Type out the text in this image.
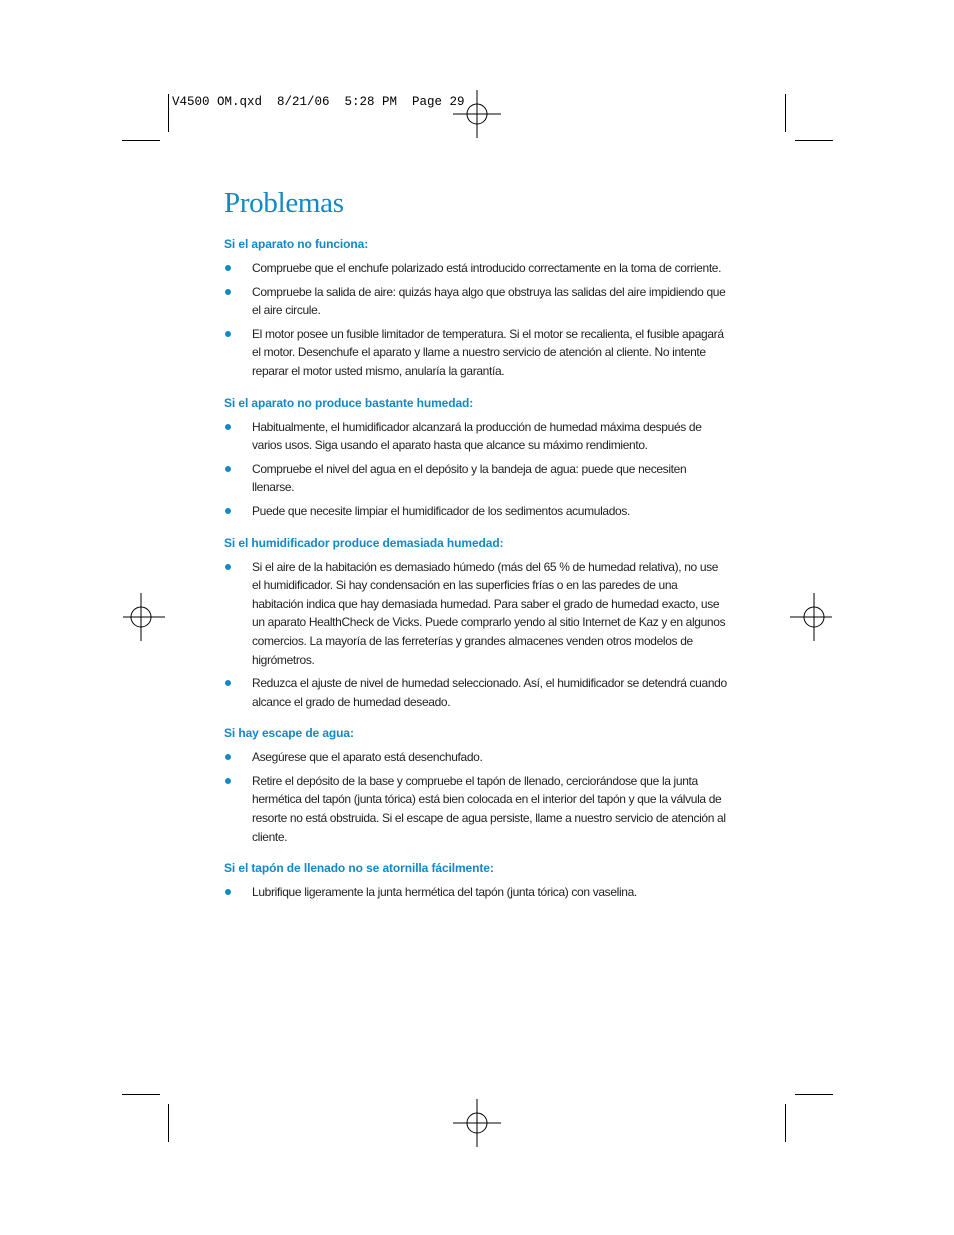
V4500 OM.qxd  8/21/06  5:28 PM  Page 29
Problemas
Si el aparato no funciona:
Compruebe que el enchufe polarizado está introducido correctamente en la toma de corriente.
Compruebe la salida de aire: quizás haya algo que obstruya las salidas del aire impidiendo que el aire circule.
El motor posee un fusible limitador de temperatura. Si el motor se recalienta, el fusible apagará el motor. Desenchufe el aparato y llame a nuestro servicio de atención al cliente. No intente reparar el motor usted mismo, anularía la garantía.
Si el aparato no produce bastante humedad:
Habitualmente, el humidificador alcanzará la producción de humedad máxima después de varios usos. Siga usando el aparato hasta que alcance su máximo rendimiento.
Compruebe el nivel del agua en el depósito y la bandeja de agua: puede que necesiten llenarse.
Puede que necesite limpiar el humidificador de los sedimentos acumulados.
Si el humidificador produce demasiada humedad:
Si el aire de la habitación es demasiado húmedo (más del 65 % de humedad relativa), no use el humidificador. Si hay condensación en las superficies frías o en las paredes de una habitación indica que hay demasiada humedad. Para saber el grado de humedad exacto, use un aparato HealthCheck de Vicks. Puede comprarlo yendo al sitio Internet de Kaz y en algunos comercios. La mayoría de las ferreterías y grandes almacenes venden otros modelos de higrómetros.
Reduzca el ajuste de nivel de humedad seleccionado. Así, el humidificador se detendrá cuando alcance el grado de humedad deseado.
Si hay escape de agua:
Asegúrese que el aparato está desenchufado.
Retire el depósito de la base y compruebe el tapón de llenado, cerciorándose que la junta hermética del tapón (junta tórica) está bien colocada en el interior del tapón y que la válvula de resorte no está obstruida. Si el escape de agua persiste, llame a nuestro servicio de atención al cliente.
Si el tapón de llenado no se atornilla fácilmente:
Lubrifique ligeramente la junta hermética del tapón (junta tórica) con vaselina.
